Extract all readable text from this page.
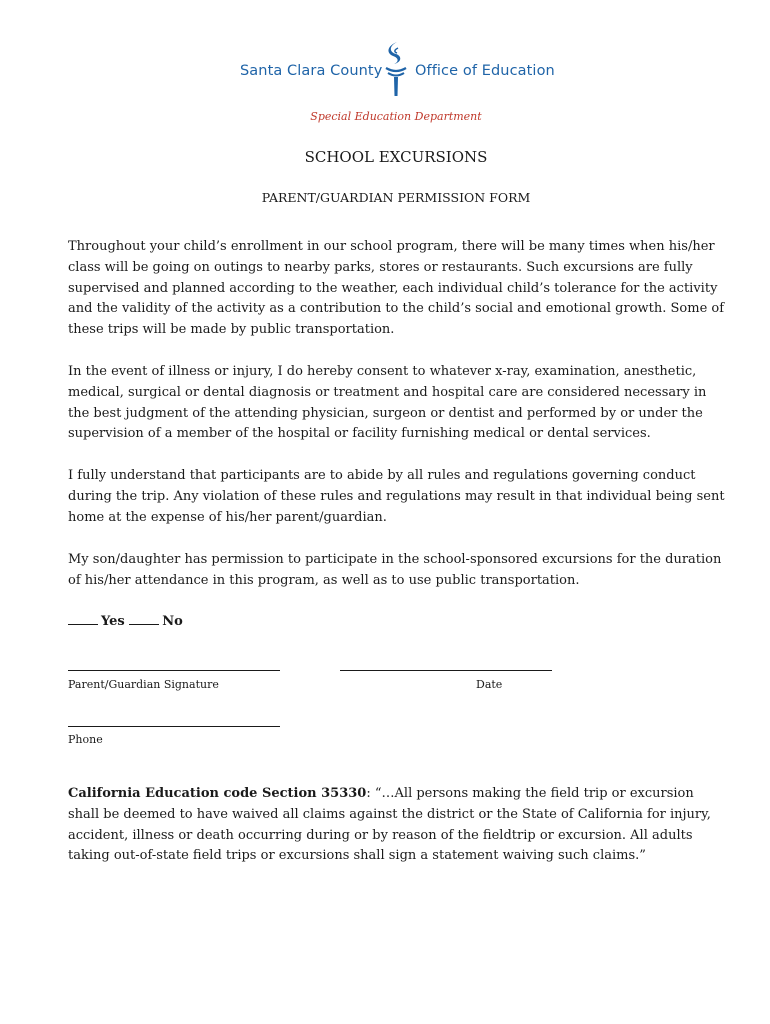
Santa Clara County Office of Education
Special Education Department
SCHOOL EXCURSIONS
PARENT/GUARDIAN PERMISSION FORM

Throughout your child’s enrollment in our school program, there will be many times when his/her class will be going on outings to nearby parks, stores or restaurants. Such excursions are fully supervised and planned according to the weather, each individual child’s tolerance for the activity and the validity of the activity as a contribution to the child’s social and emotional growth. Some of these trips will be made by public transportation.

In the event of illness or injury, I do hereby consent to whatever x-ray, examination, anesthetic, medical, surgical or dental diagnosis or treatment and hospital care are considered necessary in the best judgment of the attending physician, surgeon or dentist and performed by or under the supervision of a member of the hospital or facility furnishing medical or dental services.

I fully understand that participants are to abide by all rules and regulations governing conduct during the trip. Any violation of these rules and regulations may result in that individual being sent home at the expense of his/her parent/guardian.

My son/daughter has permission to participate in the school-sponsored excursions for the duration of his/her attendance in this program, as well as to use public transportation.

Yes	No
Parent/Guardian Signature	Date
Phone

California Education code Section 35330: “…All persons making the field trip or excursion shall be deemed to have waived all claims against the district or the State of California for injury, accident, illness or death occurring during or by reason of the fieldtrip or excursion. All adults taking out-of-state field trips or excursions shall sign a statement waiving such claims.”
